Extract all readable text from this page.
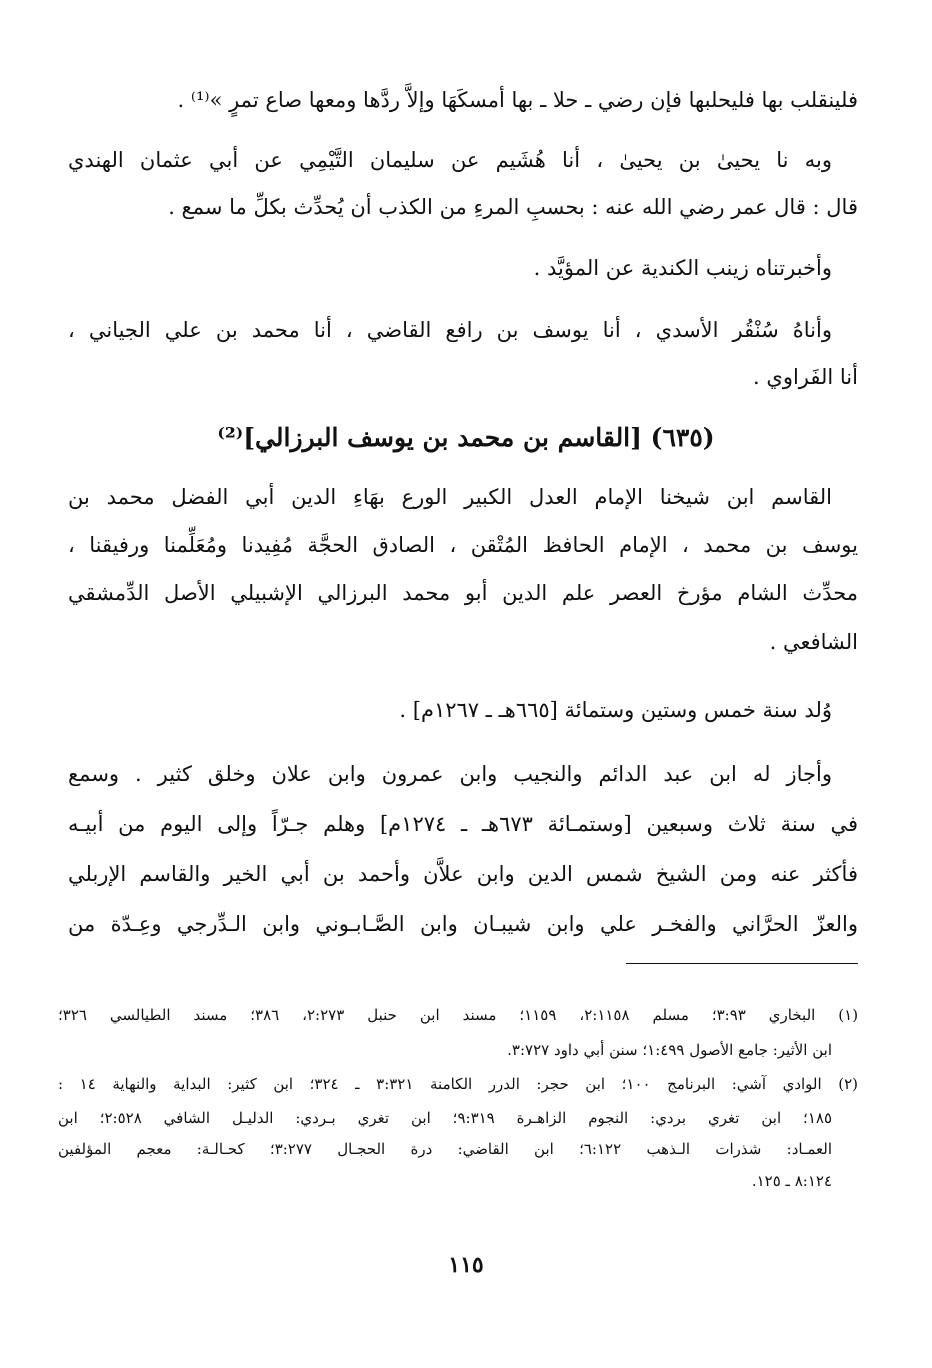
فلينقلب بها فليحلبها فإن رضي ـ حلا ـ بها أمسكَهَا وإلاَّ ردَّها ومعها صاع تمرٍ »⁽¹⁾ .
وبه نا يحيىٰ بن يحيىٰ ، أنا هُشَيم عن سليمان التَّيْمِي عن أبي عثمان الهندي
قال : قال عمر رضي الله عنه : بحسبِ المرءِ من الكذب أن يُحدِّث بكلِّ ما سمع .
وأخبرتناه زينب الكندية عن المؤيَّد .
وأناهُ سُنْقُر الأسدي ، أنا يوسف بن رافع القاضي ، أنا محمد بن علي الجياني ،
أنا الفَراوي .
(٦٣٥) [القاسم بن محمد بن يوسف البرزالي]⁽²⁾
القاسم ابن شيخنا الإمام العدل الكبير الورع بهَاءِ الدين أبي الفضل محمد بن
يوسف بن محمد ، الإمام الحافظ المُتْقن ، الصادق الحجَّة مُفِيدنا ومُعَلِّمنا ورفيقنا ،
محدِّث الشام مؤرخ العصر علم الدين أبو محمد البرزالي الإشبيلي الأصل الدِّمشقي
الشافعي .
وُلد سنة خمس وستين وستمائة [٦٦٥هـ ـ ١٢٦٧م] .
وأجاز له ابن عبد الدائم والنجيب وابن عمرون وابن علان وخلق كثير . وسمع
في سنة ثلاث وسبعين [وستمـائة ٦٧٣هـ ـ ١٢٧٤م] وهلم جـرّاً وإلى اليوم من أبيـه
فأكثر عنه ومن الشيخ شمس الدين وابن علاَّن وأحمد بن أبي الخير والقاسم الإربلي
والعزّ الحرَّاني والفخـر علي وابن شيبـان وابن الصَّـابـوني وابن الـدِّرجي وعِـدّة من
(١) البخاري ٣:٩٣؛ مسلم ٢:١١٥٨، ١١٥٩؛ مسند ابن حنبل ٢:٢٧٣، ٣٨٦؛ مسند الطيالسي ٣٢٦؛
ابن الأثير: جامع الأصول ١:٤٩٩؛ سنن أبي داود ٣:٧٢٧.
(٢) الوادي آشي: البرنامج ١٠٠؛ ابن حجر: الدرر الكامنة ٣:٣٢١ ـ ٣٢٤؛ ابن كثير: البداية والنهاية ١٤ :
١٨٥؛ ابن تغري بردي: النجوم الزاهـرة ٩:٣١٩؛ ابن تغري بـردي: الدليـل الشافي ٢:٥٢٨؛ ابن
العمـاد: شذرات الـذهب ٦:١٢٢؛ ابن القاضي: درة الحجـال ٣:٢٧٧؛ كحـالـة: معجم المؤلفين
٨:١٢٤ ـ ١٢٥.
١١٥
